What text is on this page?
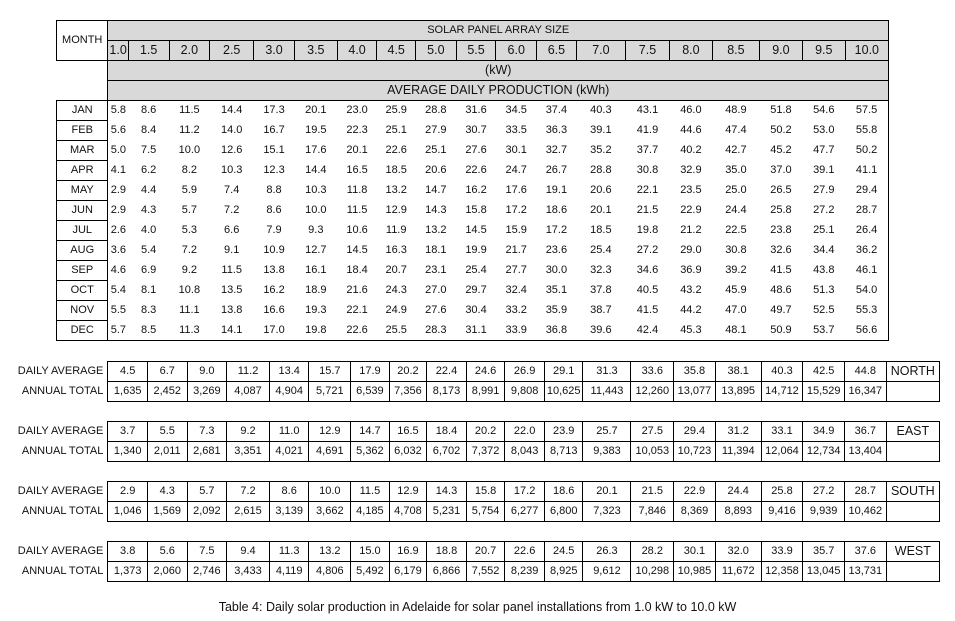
MONTH	SOLAR PANEL ARRAY SIZE																		
	1.0	1.5	2.0	2.5	3.0	3.5	4.0	4.5	5.0	5.5	6.0	6.5	7.0	7.5	8.0	8.5	9.0	9.5	10.0
	(kW)																		
	AVERAGE DAILY PRODUCTION (kWh)																		
JAN	5.8	8.6	11.5	14.4	17.3	20.1	23.0	25.9	28.8	31.6	34.5	37.4	40.3	43.1	46.0	48.9	51.8	54.6	57.5
FEB	5.6	8.4	11.2	14.0	16.7	19.5	22.3	25.1	27.9	30.7	33.5	36.3	39.1	41.9	44.6	47.4	50.2	53.0	55.8
MAR	5.0	7.5	10.0	12.6	15.1	17.6	20.1	22.6	25.1	27.6	30.1	32.7	35.2	37.7	40.2	42.7	45.2	47.7	50.2
APR	4.1	6.2	8.2	10.3	12.3	14.4	16.5	18.5	20.6	22.6	24.7	26.7	28.8	30.8	32.9	35.0	37.0	39.1	41.1
MAY	2.9	4.4	5.9	7.4	8.8	10.3	11.8	13.2	14.7	16.2	17.6	19.1	20.6	22.1	23.5	25.0	26.5	27.9	29.4
JUN	2.9	4.3	5.7	7.2	8.6	10.0	11.5	12.9	14.3	15.8	17.2	18.6	20.1	21.5	22.9	24.4	25.8	27.2	28.7
JUL	2.6	4.0	5.3	6.6	7.9	9.3	10.6	11.9	13.2	14.5	15.9	17.2	18.5	19.8	21.2	22.5	23.8	25.1	26.4
AUG	3.6	5.4	7.2	9.1	10.9	12.7	14.5	16.3	18.1	19.9	21.7	23.6	25.4	27.2	29.0	30.8	32.6	34.4	36.2
SEP	4.6	6.9	9.2	11.5	13.8	16.1	18.4	20.7	23.1	25.4	27.7	30.0	32.3	34.6	36.9	39.2	41.5	43.8	46.1
OCT	5.4	8.1	10.8	13.5	16.2	18.9	21.6	24.3	27.0	29.7	32.4	35.1	37.8	40.5	43.2	45.9	48.6	51.3	54.0
NOV	5.5	8.3	11.1	13.8	16.6	19.3	22.1	24.9	27.6	30.4	33.2	35.9	38.7	41.5	44.2	47.0	49.7	52.5	55.3
DEC	5.7	8.5	11.3	14.1	17.0	19.8	22.6	25.5	28.3	31.1	33.9	36.8	39.6	42.4	45.3	48.1	50.9	53.7	56.6
DAILY AVERAGE	4.5	6.7	9.0	11.2	13.4	15.7	17.9	20.2	22.4	24.6	26.9	29.1	31.3	33.6	35.8	38.1	40.3	42.5	44.8	NORTH
ANNUAL TOTAL	1,635	2,452	3,269	4,087	4,904	5,721	6,539	7,356	8,173	8,991	9,808	10,625	11,443	12,260	13,077	13,895	14,712	15,529	16,347	
DAILY AVERAGE	3.7	5.5	7.3	9.2	11.0	12.9	14.7	16.5	18.4	20.2	22.0	23.9	25.7	27.5	29.4	31.2	33.1	34.9	36.7	EAST
ANNUAL TOTAL	1,340	2,011	2,681	3,351	4,021	4,691	5,362	6,032	6,702	7,372	8,043	8,713	9,383	10,053	10,723	11,394	12,064	12,734	13,404	
DAILY AVERAGE	2.9	4.3	5.7	7.2	8.6	10.0	11.5	12.9	14.3	15.8	17.2	18.6	20.1	21.5	22.9	24.4	25.8	27.2	28.7	SOUTH
ANNUAL TOTAL	1,046	1,569	2,092	2,615	3,139	3,662	4,185	4,708	5,231	5,754	6,277	6,800	7,323	7,846	8,369	8,893	9,416	9,939	10,462	
DAILY AVERAGE	3.8	5.6	7.5	9.4	11.3	13.2	15.0	16.9	18.8	20.7	22.6	24.5	26.3	28.2	30.1	32.0	33.9	35.7	37.6	WEST
ANNUAL TOTAL	1,373	2,060	2,746	3,433	4,119	4,806	5,492	6,179	6,866	7,552	8,239	8,925	9,612	10,298	10,985	11,672	12,358	13,045	13,731	
Table 4: Daily solar production in Adelaide for solar panel installations from 1.0 kW to 10.0 kW
